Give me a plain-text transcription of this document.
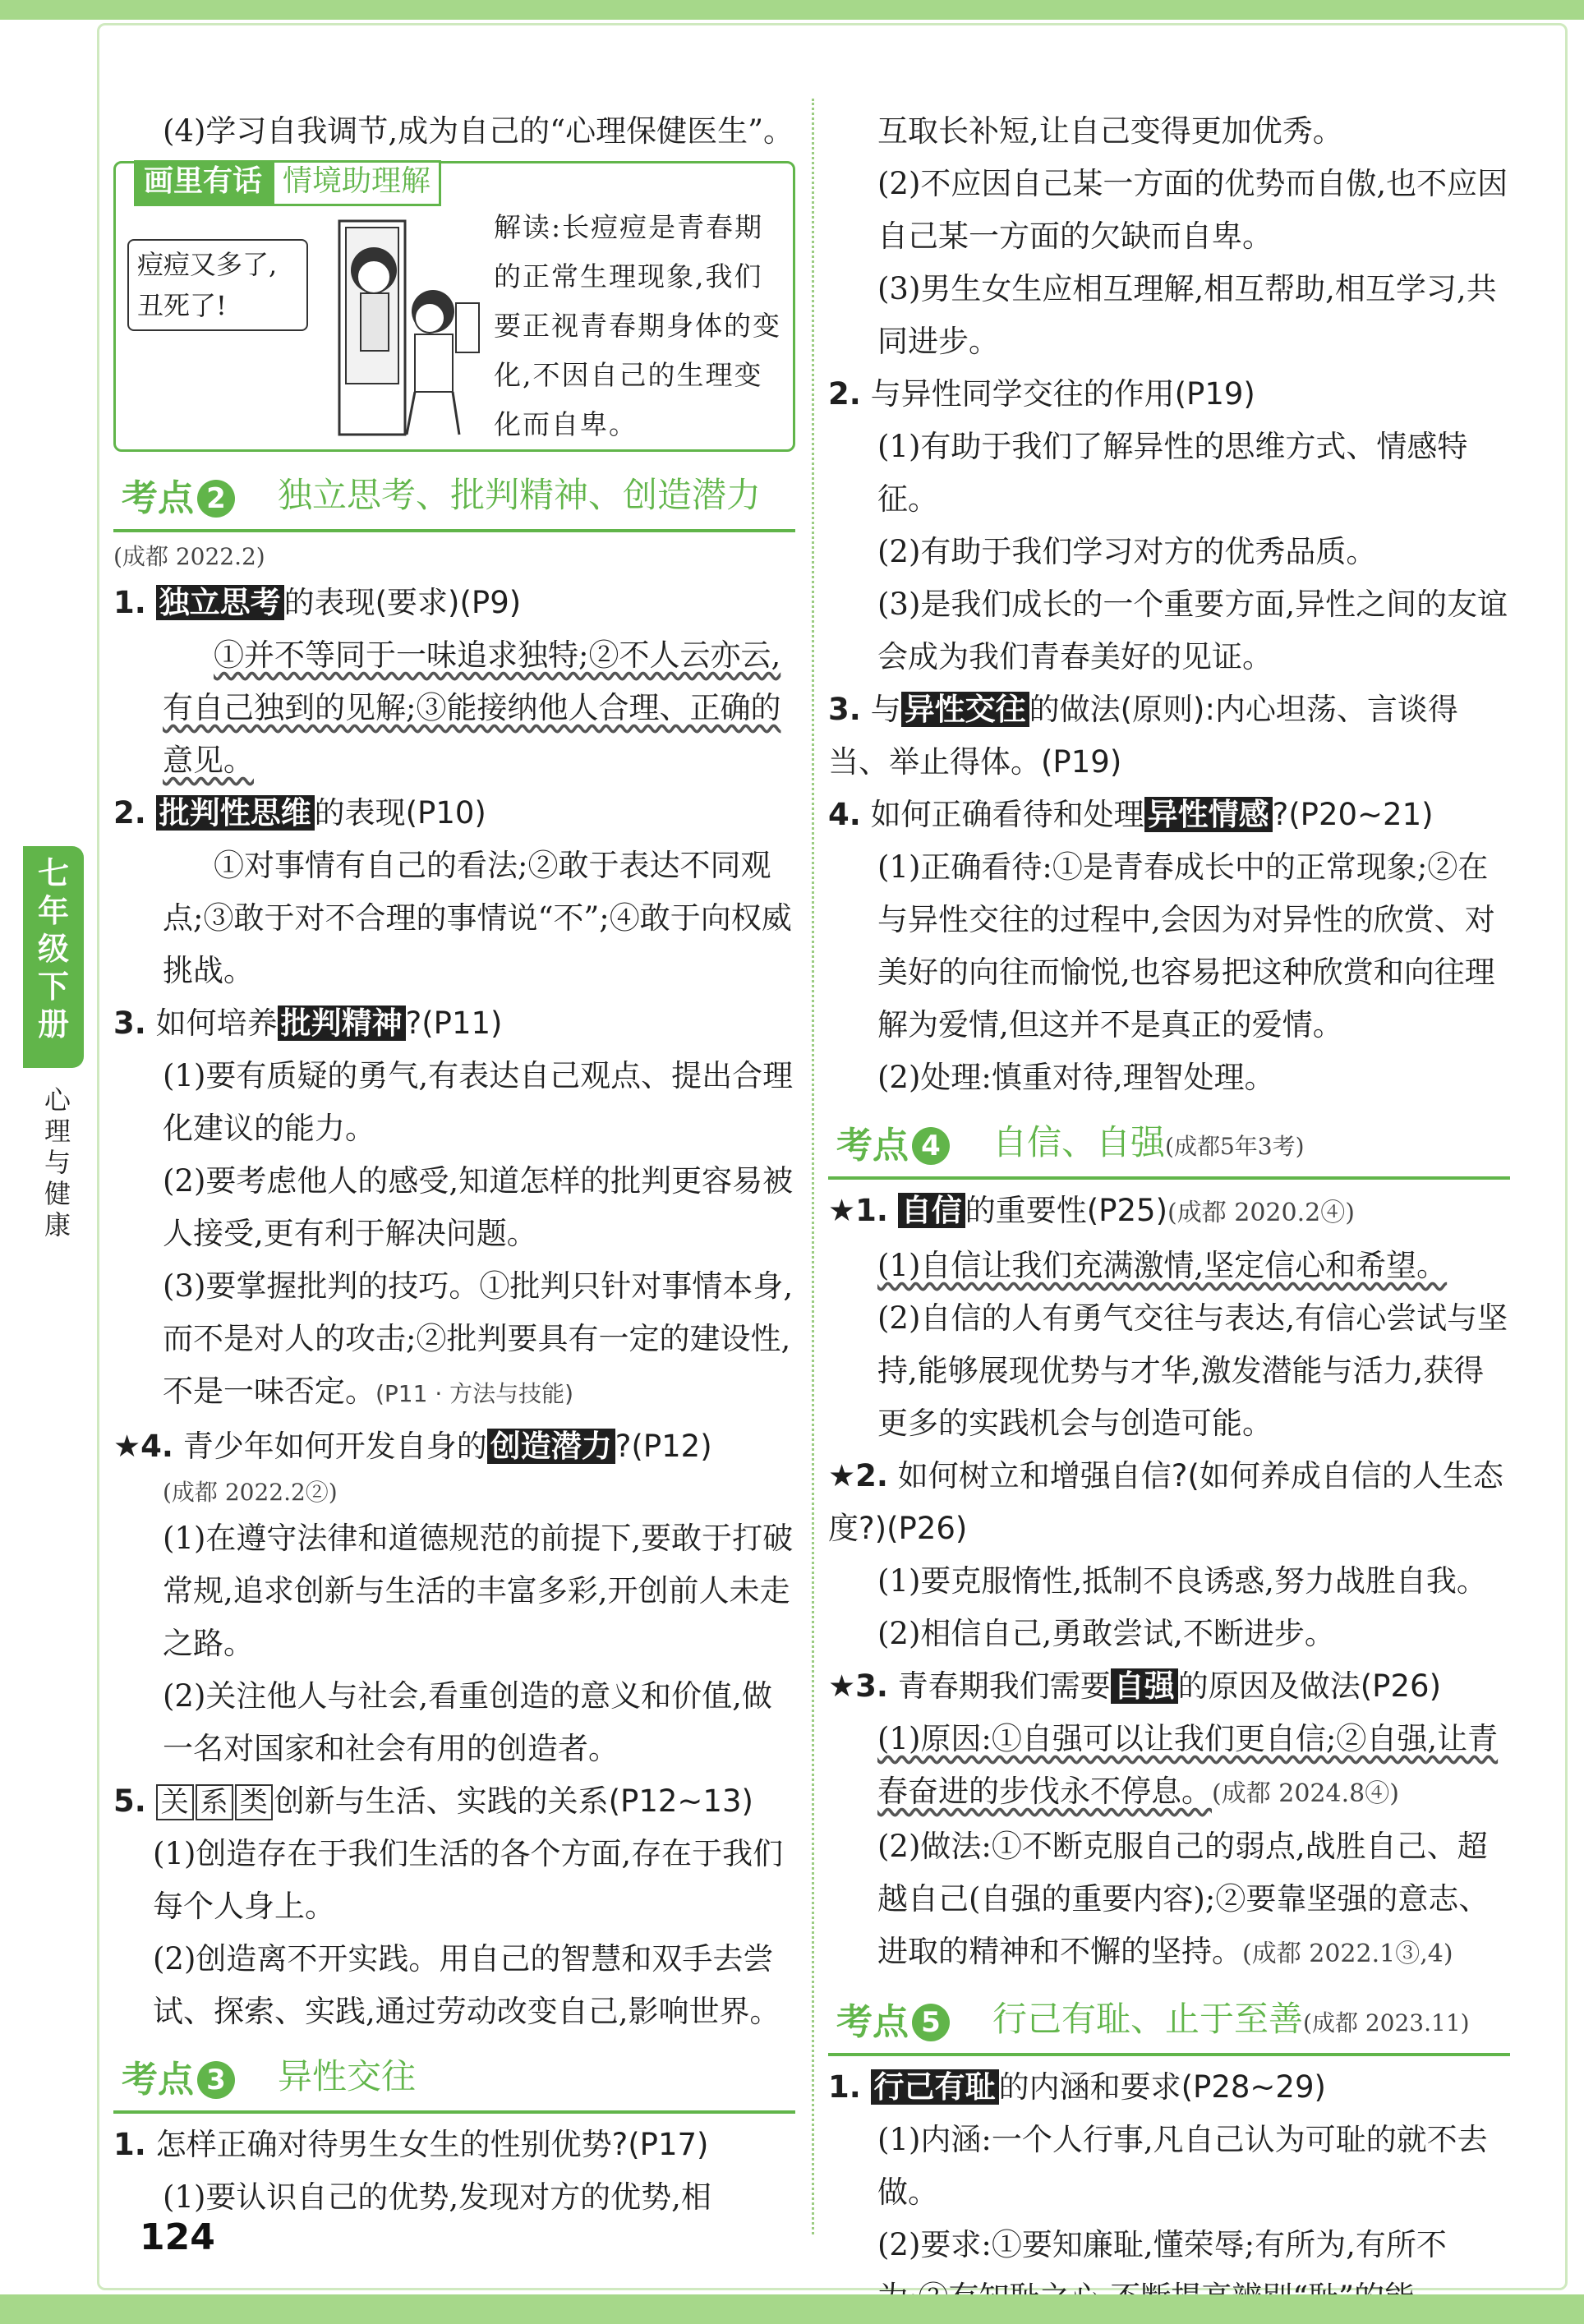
七年级下册
心理与健康

(4)学习自我调节,成为自己的“心理保健医生”。

画里有话 情境助理解
痘痘又多了,丑死了!
解读:长痘痘是青春期的正常生理现象,我们要正视青春期身体的变化,不因自己的生理变化而自卑。
考点 2 独立思考、批判精神、创造潜力

(成都 2022.2)

1. 独立思考 的表现(要求)(P9)

①并不等同于一味追求独特;②不人云亦云,有自己独到的见解;③能接纳他人合理、正确的意见。

2. 批判性思维 的表现(P10)

①对事情有自己的看法;②敢于表达不同观点;③敢于对不合理的事情说“不”;④敢于向权威挑战。

3. 如何培养 批判精神 ?(P11)

(1)要有质疑的勇气,有表达自己观点、提出合理化建议的能力。

(2)要考虑他人的感受,知道怎样的批判更容易被人接受,更有利于解决问题。

(3)要掌握批判的技巧。①批判只针对事情本身,而不是对人的攻击;②批判要具有一定的建设性,不是一味否定。(P11 · 方法与技能)

★4. 青少年如何开发自身的 创造潜力 ?(P12)

(成都 2022.2②)

(1)在遵守法律和道德规范的前提下,要敢于打破常规,追求创新与生活的丰富多彩,开创前人未走之路。

(2)关注他人与社会,看重创造的意义和价值,做一名对国家和社会有用的创造者。

5. 关 系 类 创新与生活、实践的关系(P12~13)

(1)创造存在于我们生活的各个方面,存在于我们每个人身上。

(2)创造离不开实践。用自己的智慧和双手去尝试、探索、实践,通过劳动改变自己,影响世界。

考点 3 异性交往

1. 怎样正确对待男生女生的性别优势?(P17)

(1)要认识自己的优势,发现对方的优势,相

互取长补短,让自己变得更加优秀。

(2)不应因自己某一方面的优势而自傲,也不应因自己某一方面的欠缺而自卑。

(3)男生女生应相互理解,相互帮助,相互学习,共同进步。

2. 与异性同学交往的作用(P19)

(1)有助于我们了解异性的思维方式、情感特征。

(2)有助于我们学习对方的优秀品质。

(3)是我们成长的一个重要方面,异性之间的友谊会成为我们青春美好的见证。

3. 与 异性交往 的做法(原则):内心坦荡、言谈得当、举止得体。(P19)

4. 如何正确看待和处理 异性情感 ?(P20~21)

(1)正确看待:①是青春成长中的正常现象;②在与异性交往的过程中,会因为对异性的欣赏、对美好的向往而愉悦,也容易把这种欣赏和向往理解为爱情,但这并不是真正的爱情。

(2)处理:慎重对待,理智处理。

考点 4 自信、自强(成都5年3考)

★1. 自信 的重要性(P25)(成都 2020.2④)

(1)自信让我们充满激情,坚定信心和希望。

(2)自信的人有勇气交往与表达,有信心尝试与坚持,能够展现优势与才华,激发潜能与活力,获得更多的实践机会与创造可能。

★2. 如何树立和增强自信?(如何养成自信的人生态度?)(P26)

(1)要克服惰性,抵制不良诱惑,努力战胜自我。

(2)相信自己,勇敢尝试,不断进步。

★3. 青春期我们需要 自强 的原因及做法(P26)

(1)原因:①自强可以让我们更自信;②自强,让青春奋进的步伐永不停息。(成都 2024.8④)

(2)做法:①不断克服自己的弱点,战胜自己、超越自己(自强的重要内容);②要靠坚强的意志、进取的精神和不懈的坚持。(成都 2022.1③,4)

考点 5 行己有耻、止于至善(成都 2023.11)

1. 行己有耻 的内涵和要求(P28~29)

(1)内涵:一个人行事,凡自己认为可耻的就不去做。

(2)要求:①要知廉耻,懂荣辱;有所为,有所不

124
